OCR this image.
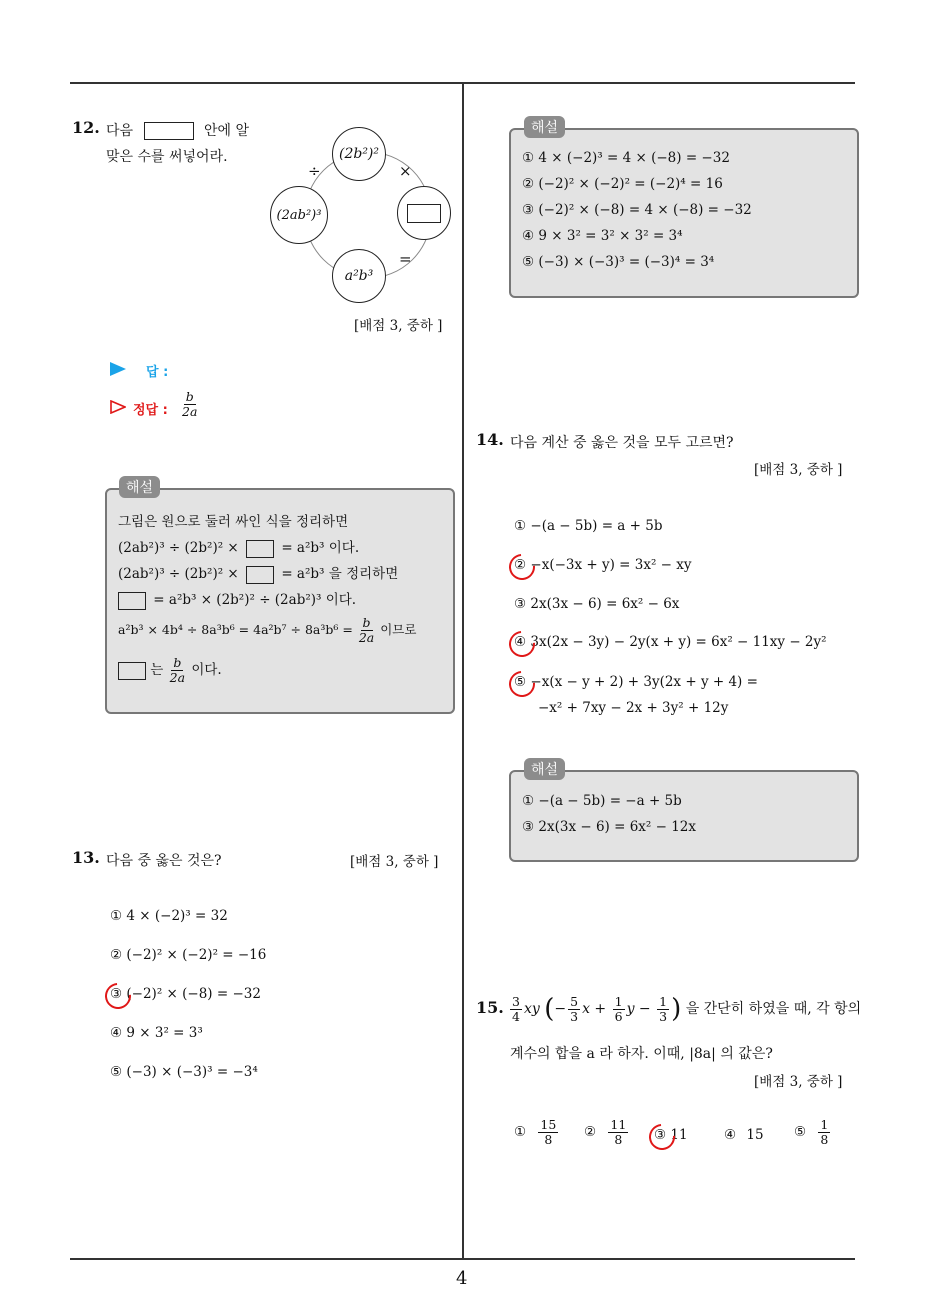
4
12. 다음	안에 알
맞은 수를 써넣어라.	(2b²)²
(2ab²)³
a²b³
÷	×
=
[배점 3, 중하 ]
답 :
정답 : $\frac{b}{2a}$
해설
그림은 원으로 둘러 싸인 식을 정리하면
(2ab²)³ ÷ (2b²)² ×	= a²b³ 이다.
(2ab²)³ ÷ (2b²)² ×	= a²b³ 을 정리하면
= a²b³ × (2b²)² ÷ (2ab²)³ 이다.
$a^2b^3 \times 4b^4 \div 8a^3b^6 = 4a^2b^7 \div 8a^3b^6 = \frac{b}{2a}$ 이므로
는 $\frac{b}{2a}$ 이다.
13. 다음 중 옳은 것은?	[배점 3, 중하 ]
① 4 × (−2)³ = 32
② (−2)² × (−2)² = −16
③ (−2)² × (−8) = −32
④ 9 × 3² = 3³
⑤ (−3) × (−3)³ = −3⁴
해설
① 4 × (−2)³ = 4 × (−8) = −32
② (−2)² × (−2)² = (−2)⁴ = 16
③ (−2)² × (−8) = 4 × (−8) = −32
④ 9 × 3² = 3² × 3² = 3⁴
⑤ (−3) × (−3)³ = (−3)⁴ = 3⁴
14. 다음 계산 중 옳은 것을 모두 고르면?
[배점 3, 중하 ]
① −(a − 5b) = a + 5b
② −x(−3x + y) = 3x² − xy
③ 2x(3x − 6) = 6x² − 6x
④ 3x(2x − 3y) − 2y(x + y) = 6x² − 11xy − 2y²
⑤ −x(x − y + 2) + 3y(2x + y + 4) =
−x² + 7xy − 2x + 3y² + 12y
해설
① −(a − 5b) = −a + 5b
③ 2x(3x − 6) = 6x² − 12x
15. $\frac{3}{4}$ xy (− $\frac{5}{3}$ $x + \frac{1}{6}$ $y - \frac{1}{3}$ ) 을 간단히 하였을 때, 각 항의
계수의 합을 a 라 하자. 이때, |8a| 의 값은?
[배점 3, 중하 ]
① $\frac{15}{8}$ ② $\frac{11}{8}$ ③ 11	④ 15 ⑤ $\frac{1}{8}$
